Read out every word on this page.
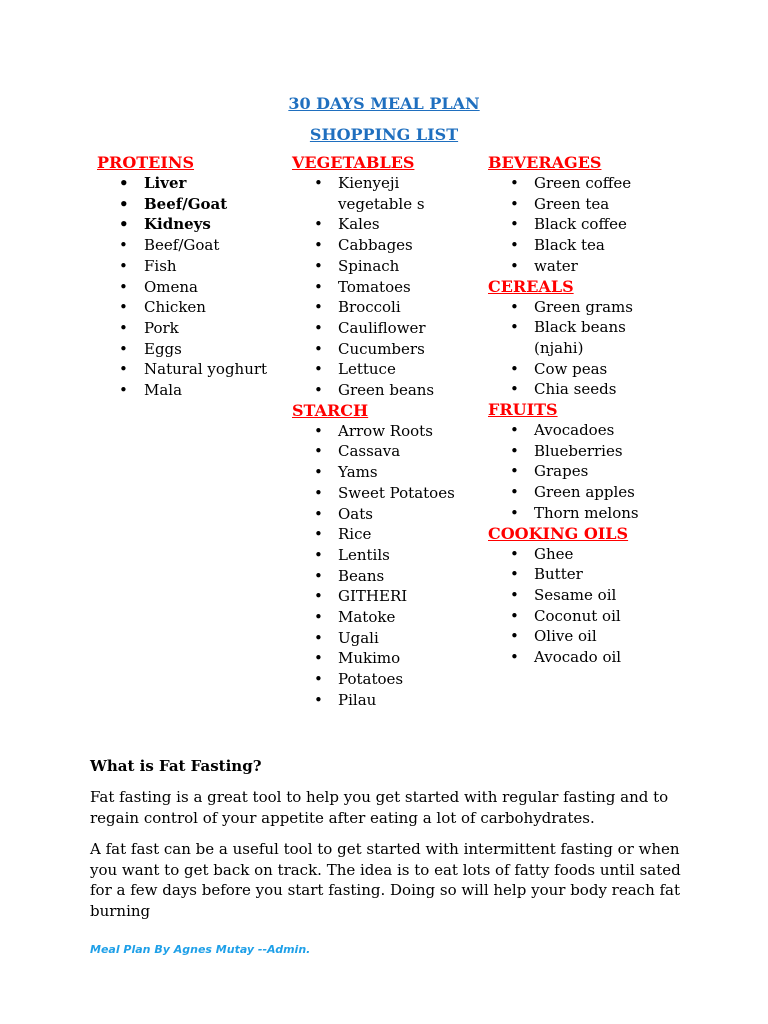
30 DAYS MEAL PLAN
SHOPPING LIST
PROTEINS
• Liver
• Beef/Goat
• Kidneys
• Beef/Goat
• Fish
• Omena
• Chicken
• Pork
• Eggs
• Natural yoghurt
• Mala
VEGETABLES
• Kienyeji
vegetable s
• Kales
• Cabbages
• Spinach
• Tomatoes
• Broccoli
• Cauliflower
• Cucumbers
• Lettuce
• Green beans
STARCH
• Arrow Roots
• Cassava
• Yams
• Sweet Potatoes
• Oats
• Rice
• Lentils
• Beans
• GITHERI
• Matoke
• Ugali
• Mukimo
• Potatoes
• Pilau
BEVERAGES
• Green coffee
• Green tea
• Black coffee
• Black tea
• water
CEREALS
• Green grams
• Black beans
(njahi)
• Cow peas
• Chia seeds
FRUITS
• Avocadoes
• Blueberries
• Grapes
• Green apples
• Thorn melons
COOKING OILS
• Ghee
• Butter
• Sesame oil
• Coconut oil
• Olive oil
• Avocado oil
What is Fat Fasting?

Fat fasting is a great tool to help you get started with regular fasting and to regain control of your appetite after eating a lot of carbohydrates.

A fat fast can be a useful tool to get started with intermittent fasting or when you want to get back on track. The idea is to eat lots of fatty foods until sated for a few days before you start fasting. Doing so will help your body reach fat burning

Meal Plan By Agnes Mutay --Admin.
